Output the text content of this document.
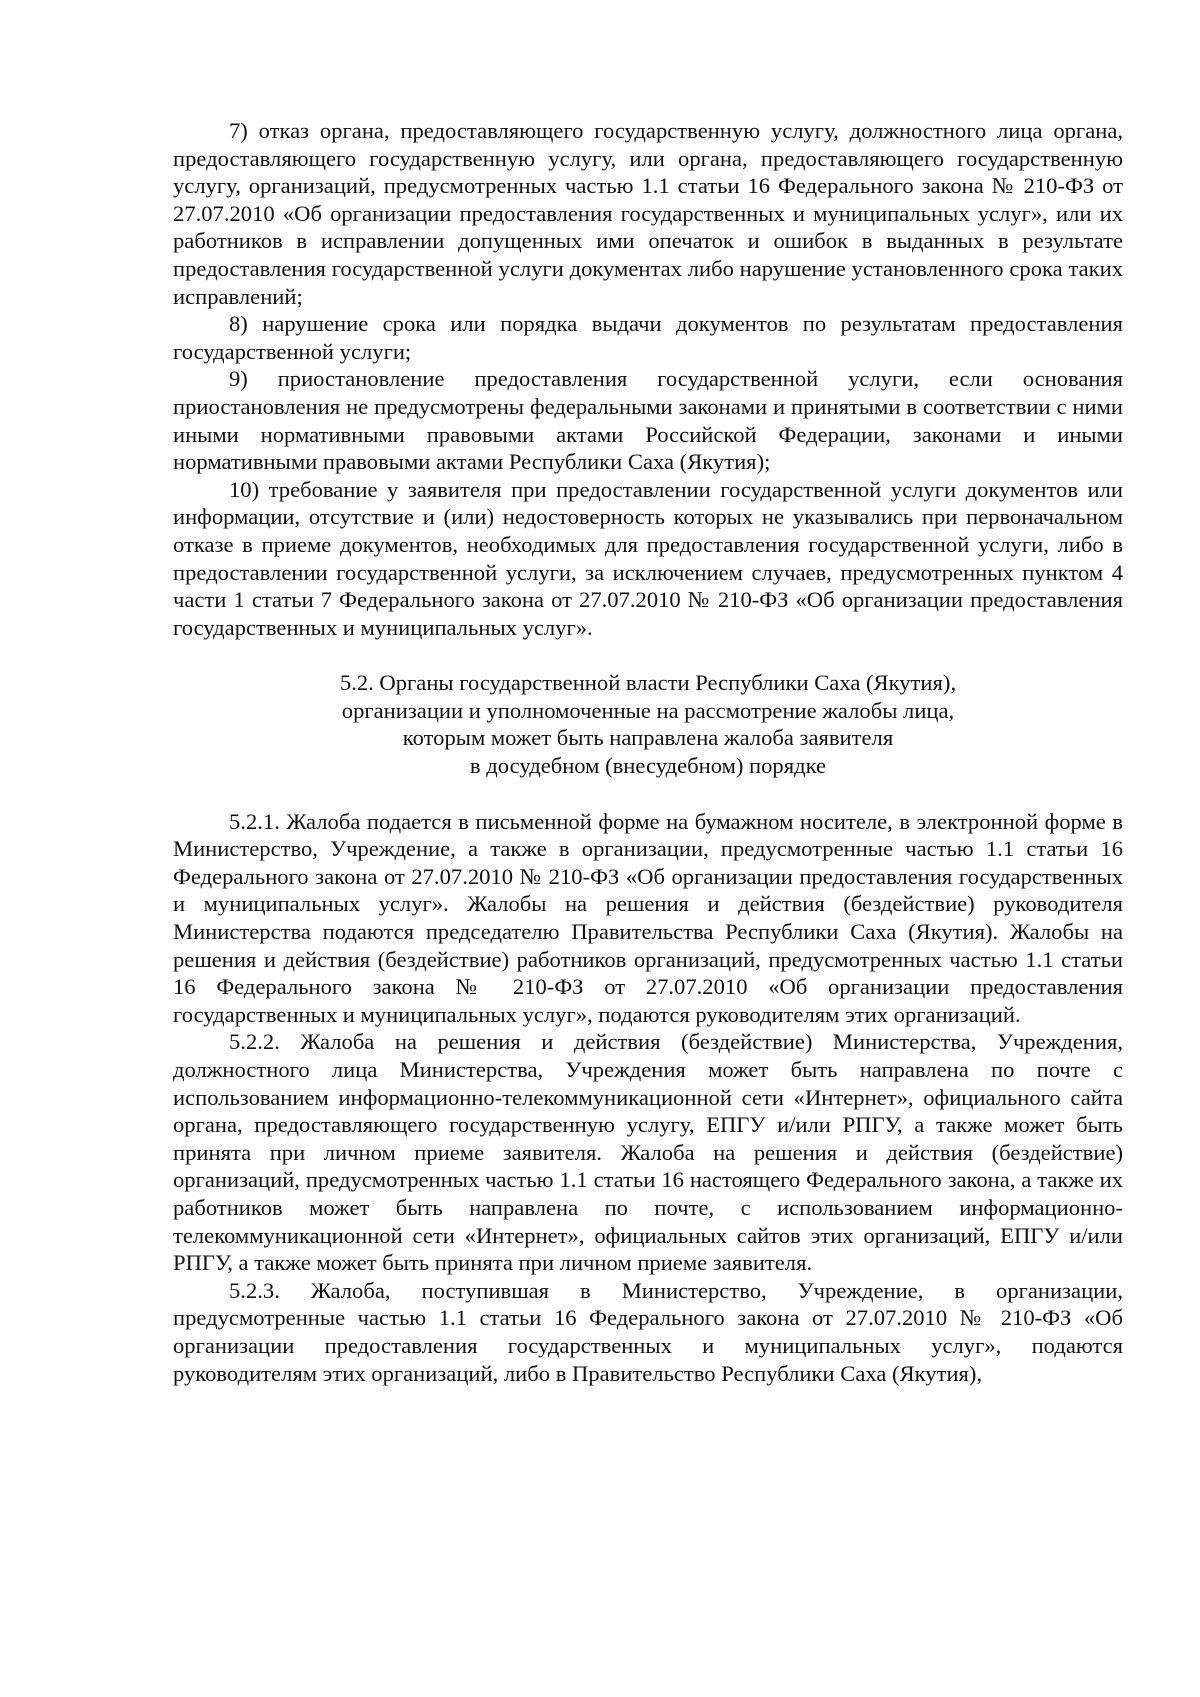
7) отказ органа, предоставляющего государственную услугу, должностного лица органа, предоставляющего государственную услугу, или органа, предоставляющего государственную услугу, организаций, предусмотренных частью 1.1 статьи 16 Федерального закона № 210-ФЗ от 27.07.2010 «Об организации предоставления государственных и муниципальных услуг», или их работников в исправлении допущенных ими опечаток и ошибок в выданных в результате предоставления государственной услуги документах либо нарушение установленного срока таких исправлений;

8) нарушение срока или порядка выдачи документов по результатам предоставления государственной услуги;

9) приостановление предоставления государственной услуги, если основания приостановления не предусмотрены федеральными законами и принятыми в соответствии с ними иными нормативными правовыми актами Российской Федерации, законами и иными нормативными правовыми актами Республики Саха (Якутия);

10) требование у заявителя при предоставлении государственной услуги документов или информации, отсутствие и (или) недостоверность которых не указывались при первоначальном отказе в приеме документов, необходимых для предоставления государственной услуги, либо в предоставлении государственной услуги, за исключением случаев, предусмотренных пунктом 4 части 1 статьи 7 Федерального закона от 27.07.2010 № 210-ФЗ «Об организации предоставления государственных и муниципальных услуг».

5.2. Органы государственной власти Республики Саха (Якутия),
организации и уполномоченные на рассмотрение жалобы лица,
которым может быть направлена жалоба заявителя
в досудебном (внесудебном) порядке

5.2.1. Жалоба подается в письменной форме на бумажном носителе, в электронной форме в Министерство, Учреждение, а также в организации, предусмотренные частью 1.1 статьи 16 Федерального закона от 27.07.2010 № 210-ФЗ «Об организации предоставления государственных и муниципальных услуг». Жалобы на решения и действия (бездействие) руководителя Министерства подаются председателю Правительства Республики Саха (Якутия). Жалобы на решения и действия (бездействие) работников организаций, предусмотренных частью 1.1 статьи 16 Федерального закона № 210-ФЗ от 27.07.2010 «Об организации предоставления государственных и муниципальных услуг», подаются руководителям этих организаций.

5.2.2. Жалоба на решения и действия (бездействие) Министерства, Учреждения, должностного лица Министерства, Учреждения может быть направлена по почте с использованием информационно-телекоммуникационной сети «Интернет», официального сайта органа, предоставляющего государственную услугу, ЕПГУ и/или РПГУ, а также может быть принята при личном приеме заявителя. Жалоба на решения и действия (бездействие) организаций, предусмотренных частью 1.1 статьи 16 настоящего Федерального закона, а также их работников может быть направлена по почте, с использованием информационно-телекоммуникационной сети «Интернет», официальных сайтов этих организаций, ЕПГУ и/или РПГУ, а также может быть принята при личном приеме заявителя.

5.2.3. Жалоба, поступившая в Министерство, Учреждение, в организации, предусмотренные частью 1.1 статьи 16 Федерального закона от 27.07.2010 № 210-ФЗ «Об организации предоставления государственных и муниципальных услуг», подаются руководителям этих организаций, либо в Правительство Республики Саха (Якутия),
